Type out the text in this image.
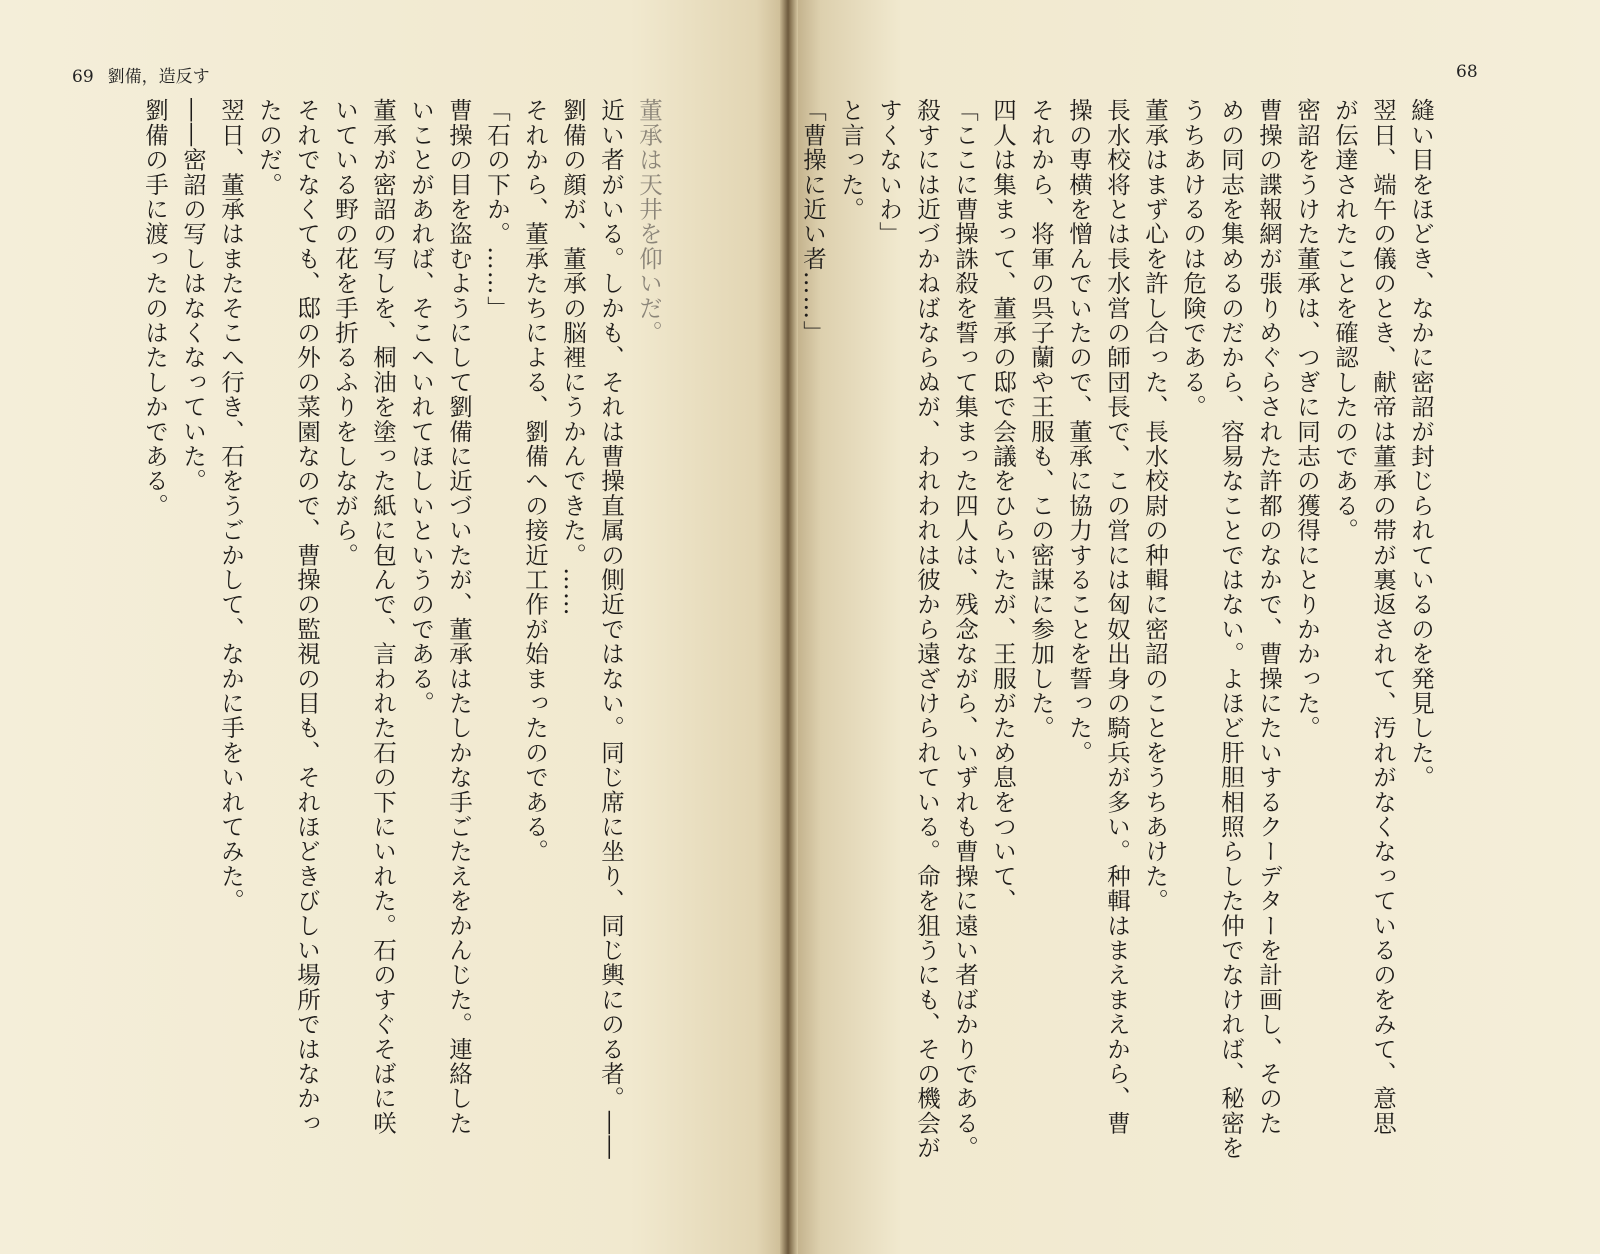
69 劉備，造反す
董承は天井を仰いだ。
近い者がいる。しかも、それは曹操直属の側近ではない。同じ席に坐り、同じ輿にのる者。――
劉備の顔が、董承の脳裡にうかんできた。……
それから、董承たちによる、劉備への接近工作が始まったのである。
「石の下か。……」
曹操の目を盗むようにして劉備に近づいたが、董承はたしかな手ごたえをかんじた。連絡した
いことがあれば、そこへいれてほしいというのである。
董承が密詔の写しを、桐油を塗った紙に包んで、言われた石の下にいれた。石のすぐそばに咲
いている野の花を手折るふりをしながら。
それでなくても、邸の外の菜園なので、曹操の監視の目も、それほどきびしい場所ではなかっ
たのだ。
翌日、董承はまたそこへ行き、石をうごかして、なかに手をいれてみた。
――密詔の写しはなくなっていた。
劉備の手に渡ったのはたしかである。
68
縫い目をほどき、なかに密詔が封じられているのを発見した。
翌日、端午の儀のとき、献帝は董承の帯が裏返されて、汚れがなくなっているのをみて、意思
が伝達されたことを確認したのである。
密詔をうけた董承は、つぎに同志の獲得にとりかかった。
曹操の諜報網が張りめぐらされた許都のなかで、曹操にたいするクーデターを計画し、そのた
めの同志を集めるのだから、容易なことではない。よほど肝胆相照らした仲でなければ、秘密を
うちあけるのは危険である。
董承はまず心を許し合った、長水校尉の种輯に密詔のことをうちあけた。
長水校将とは長水営の師団長で、この営には匈奴出身の騎兵が多い。种輯はまえまえから、曹
操の専横を憎んでいたので、董承に協力することを誓った。
それから、将軍の呉子蘭や王服も、この密謀に参加した。
四人は集まって、董承の邸で会議をひらいたが、王服がため息をついて、
「ここに曹操誅殺を誓って集まった四人は、残念ながら、いずれも曹操に遠い者ばかりである。
殺すには近づかねばならぬが、われわれは彼から遠ざけられている。命を狙うにも、その機会が
すくないわ」
と言った。
「曹操に近い者……」
